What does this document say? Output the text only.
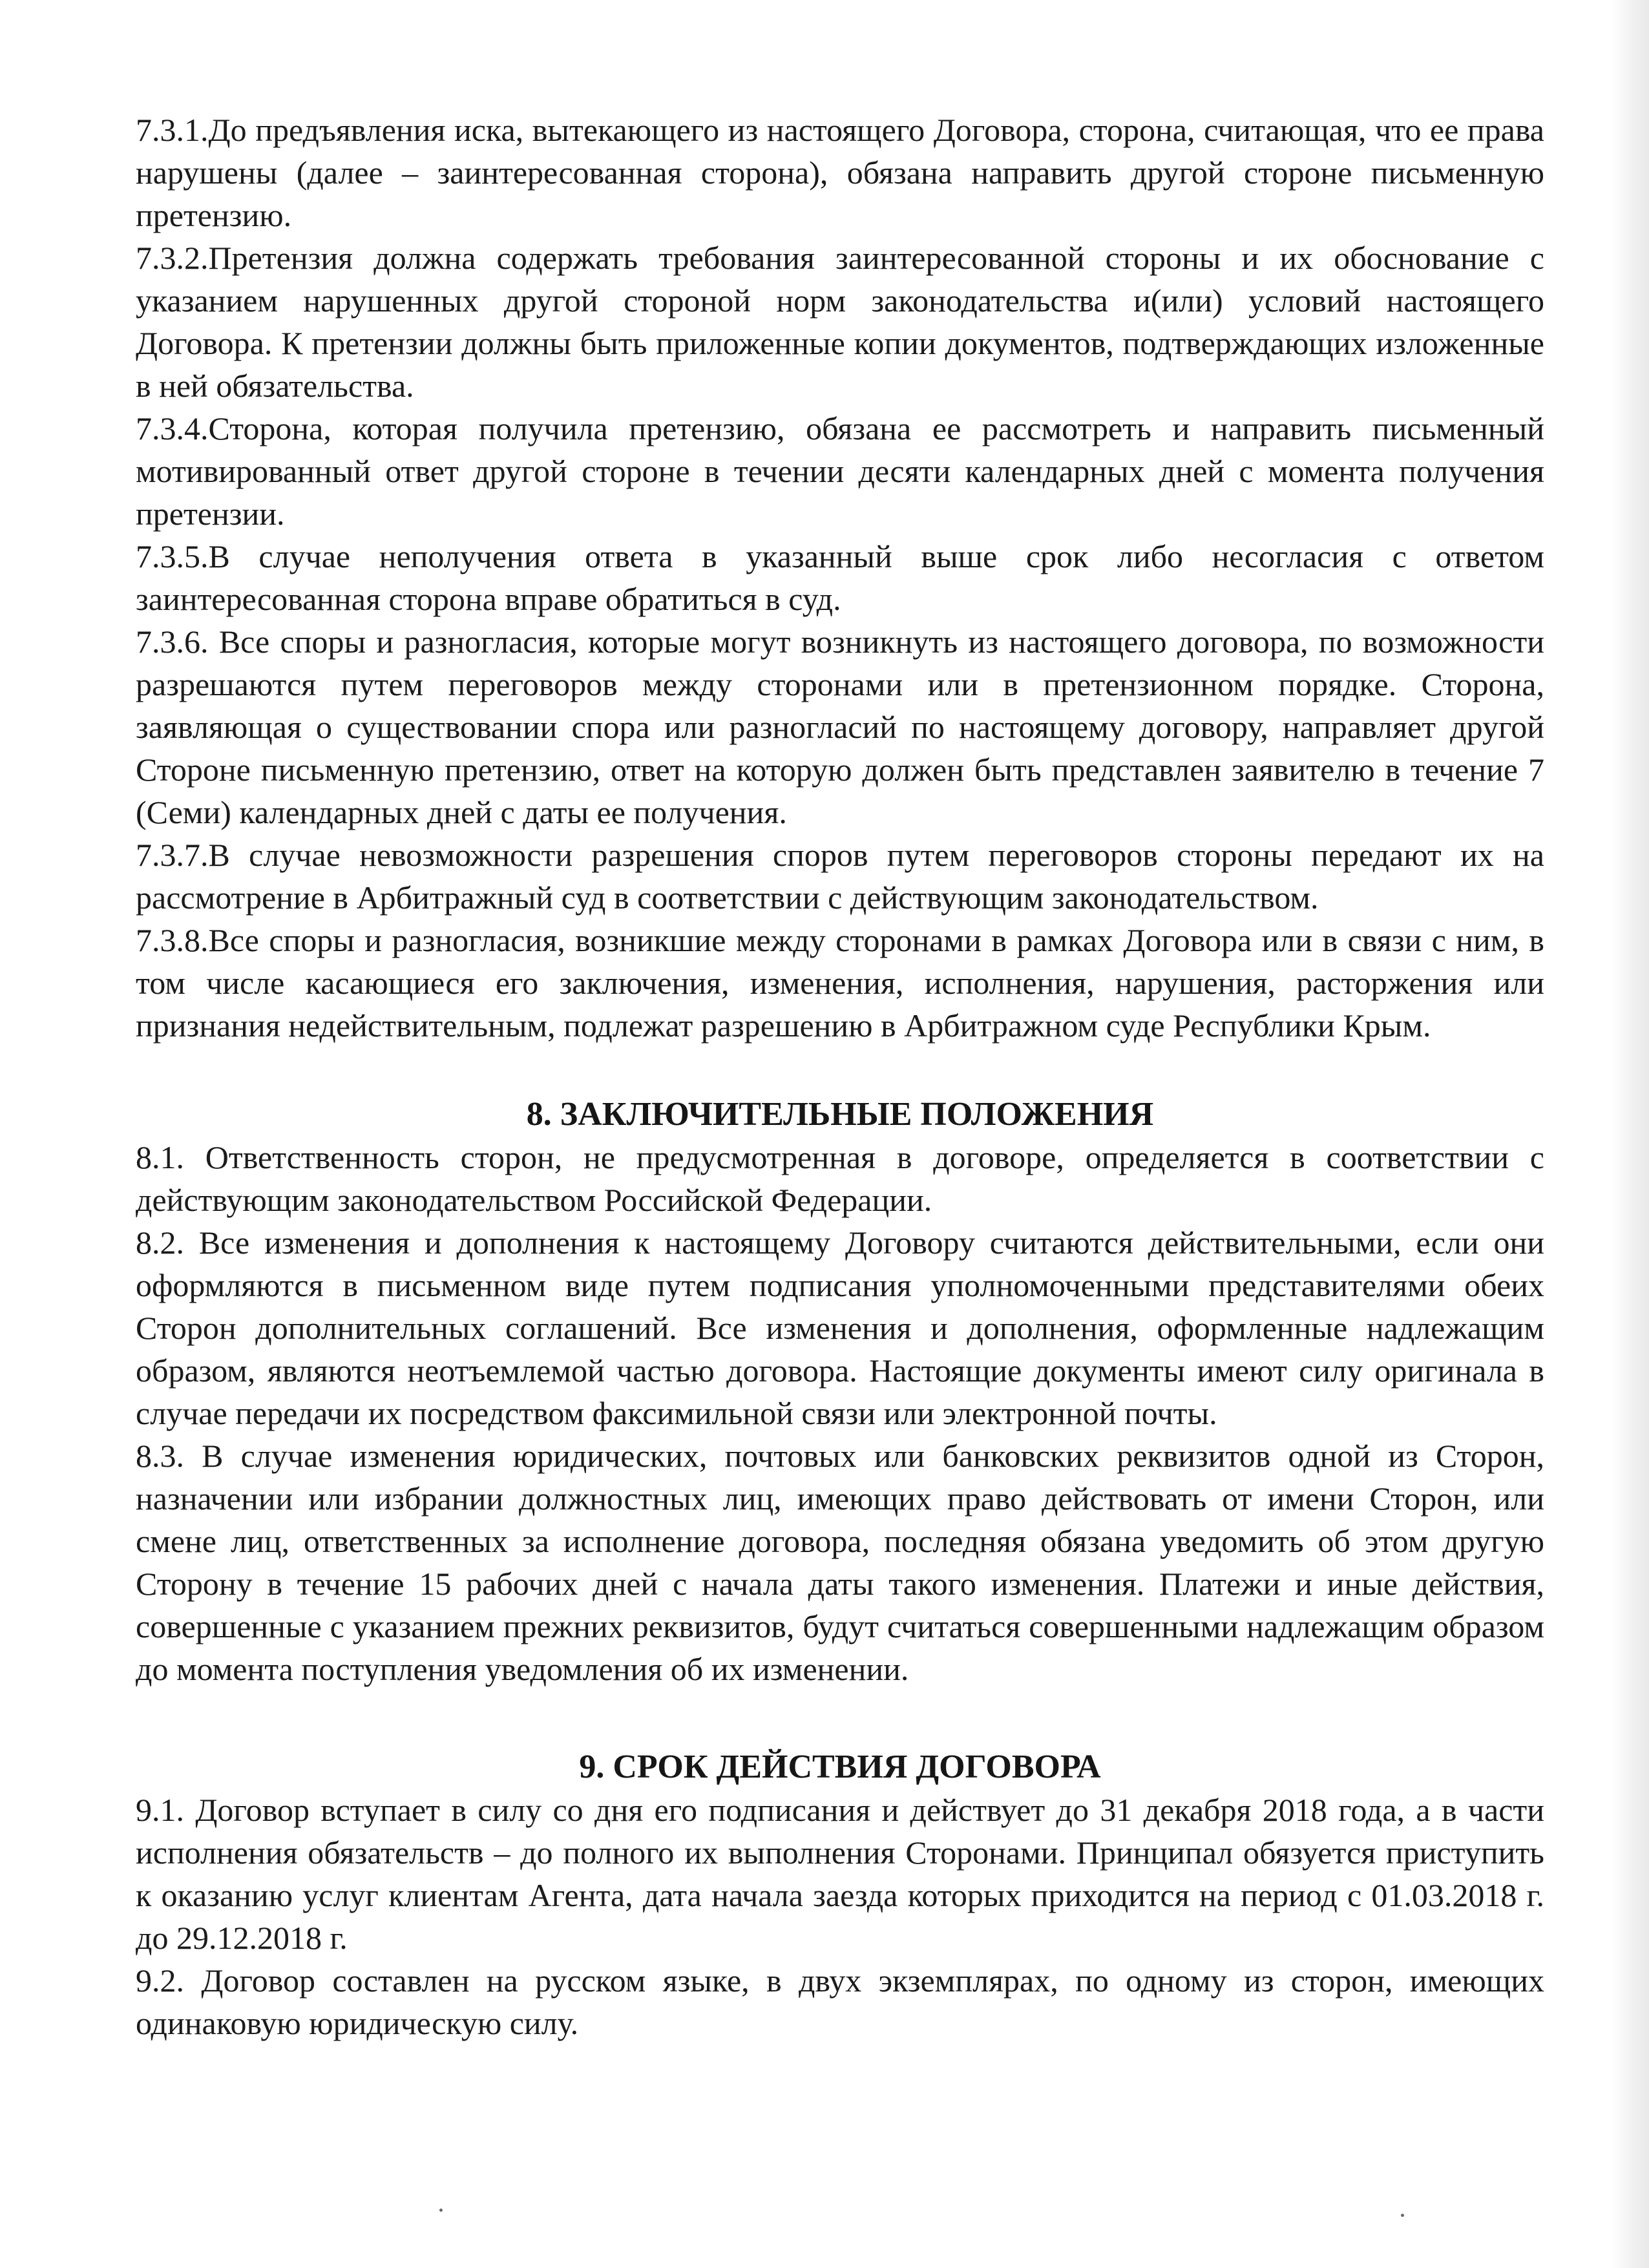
7.3.1.До предъявления иска, вытекающего из настоящего Договора, сторона, считающая, что ее права нарушены (далее – заинтересованная сторона), обязана направить другой стороне письменную претензию.

7.3.2.Претензия должна содержать требования заинтересованной стороны и их обоснование с указанием нарушенных другой стороной норм законодательства и(или) условий настоящего Договора. К претензии должны быть приложенные копии документов, подтверждающих изложенные в ней обязательства.

7.3.4.Сторона, которая получила претензию, обязана ее рассмотреть и направить письменный мотивированный ответ другой стороне в течении десяти календарных дней с момента получения претензии.

7.3.5.В случае неполучения ответа в указанный выше срок либо несогласия с ответом заинтересованная сторона вправе обратиться в суд.

7.3.6. Все споры и разногласия, которые могут возникнуть из настоящего договора, по возможности разрешаются путем переговоров между сторонами или в претензионном порядке. Сторона, заявляющая о существовании спора или разногласий по настоящему договору, направляет другой Стороне письменную претензию, ответ на которую должен быть представлен заявителю в течение 7 (Семи) календарных дней с даты ее получения.

7.3.7.В случае невозможности разрешения споров путем переговоров стороны передают их на рассмотрение в Арбитражный суд в соответствии с действующим законодательством.

7.3.8.Все споры и разногласия, возникшие между сторонами в рамках Договора или в связи с ним, в том числе касающиеся его заключения, изменения, исполнения, нарушения, расторжения или признания недействительным, подлежат разрешению в Арбитражном суде Республики Крым.

8. ЗАКЛЮЧИТЕЛЬНЫЕ ПОЛОЖЕНИЯ

8.1. Ответственность сторон, не предусмотренная в договоре, определяется в соответствии с действующим законодательством Российской Федерации.

8.2. Все изменения и дополнения к настоящему Договору считаются действительными, если они оформляются в письменном виде путем подписания уполномоченными представителями обеих Сторон дополнительных соглашений. Все изменения и дополнения, оформленные надлежащим образом, являются неотъемлемой частью договора. Настоящие документы имеют силу оригинала в случае передачи их посредством факсимильной связи или электронной почты.

8.3. В случае изменения юридических, почтовых или банковских реквизитов одной из Сторон, назначении или избрании должностных лиц, имеющих право действовать от имени Сторон, или смене лиц, ответственных за исполнение договора, последняя обязана уведомить об этом другую Сторону в течение 15 рабочих дней с начала даты такого изменения. Платежи и иные действия, совершенные с указанием прежних реквизитов, будут считаться совершенными надлежащим образом до момента поступления уведомления об их изменении.

9. СРОК ДЕЙСТВИЯ ДОГОВОРА

9.1. Договор вступает в силу со дня его подписания и действует до 31 декабря 2018 года, а в части исполнения обязательств – до полного их выполнения Сторонами. Принципал обязуется приступить к оказанию услуг клиентам Агента, дата начала заезда которых приходится на период с 01.03.2018 г. до 29.12.2018 г.

9.2. Договор составлен на русском языке, в двух экземплярах, по одному из сторон, имеющих одинаковую юридическую силу.
